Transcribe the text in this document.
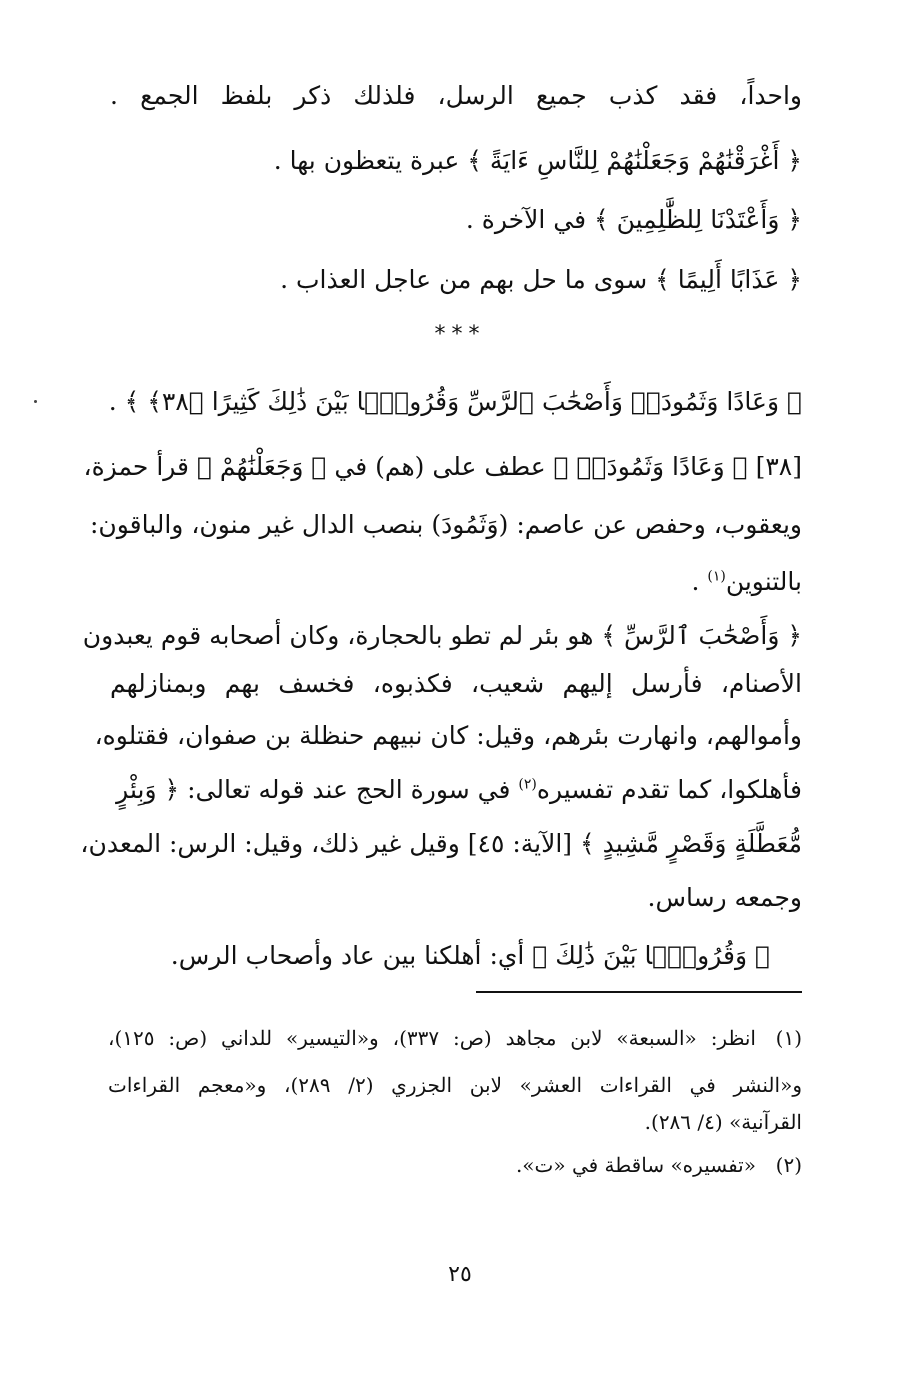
واحداً، فقد كذب جميع الرسل، فلذلك ذكر بلفظ الجمع .
﴿ أَغْرَقْنَٰهُمْ وَجَعَلْنَٰهُمْ لِلنَّاسِ ءَايَةً ﴾ عبرة يتعظون بها .
﴿ وَأَعْتَدْنَا لِلظَّٰلِمِينَ ﴾ في الآخرة .
﴿ عَذَابًا أَلِيمًا ﴾ سوى ما حل بهم من عاجل العذاب .
***
﴿ وَعَادًا وَثَمُودَا۟ وَأَصْحَٰبَ ٱلرَّسِّ وَقُرُونًۢا بَيْنَ ذَٰلِكَ كَثِيرًا ﴿٣٨﴾ ﴾ .
[٣٨] ﴿ وَعَادًا وَثَمُودَا۟ ﴾ عطف على (هم) في ﴿ وَجَعَلْنَٰهُمْ ﴾ قرأ حمزة،
ويعقوب، وحفص عن عاصم: (وَثَمُودَ) بنصب الدال غير منون، والباقون:
بالتنوين$^{(١)}$ .
﴿ وَأَصْحَٰبَ ٱلرَّسِّ ﴾ هو بئر لم تطو بالحجارة، وكان أصحابه قوم يعبدون
الأصنام، فأرسل إليهم شعيب، فكذبوه، فخسف بهم وبمنازلهم
وأموالهم، وانهارت بئرهم، وقيل: كان نبيهم حنظلة بن صفوان، فقتلوه،
فأهلكوا، كما تقدم تفسيره$^{(٢)}$ في سورة الحج عند قوله تعالى: ﴿ وَبِئْرٍ
مُّعَطَّلَةٍ وَقَصْرٍ مَّشِيدٍ ﴾ [الآية: ٤٥] وقيل غير ذلك، وقيل: الرس: المعدن،
وجمعه رساس.
﴿ وَقُرُونًۢا بَيْنَ ذَٰلِكَ ﴾ أي: أهلكنا بين عاد وأصحاب الرس.
(١)انظر: «السبعة» لابن مجاهد (ص: ٣٣٧)، و«التيسير» للداني (ص: ١٢٥)،
و«النشر في القراءات العشر» لابن الجزري (٢/ ٢٨٩)، و«معجم القراءات
القرآنية» (٤/ ٢٨٦).
(٢)«تفسيره» ساقطة في «ت».
٢٥
